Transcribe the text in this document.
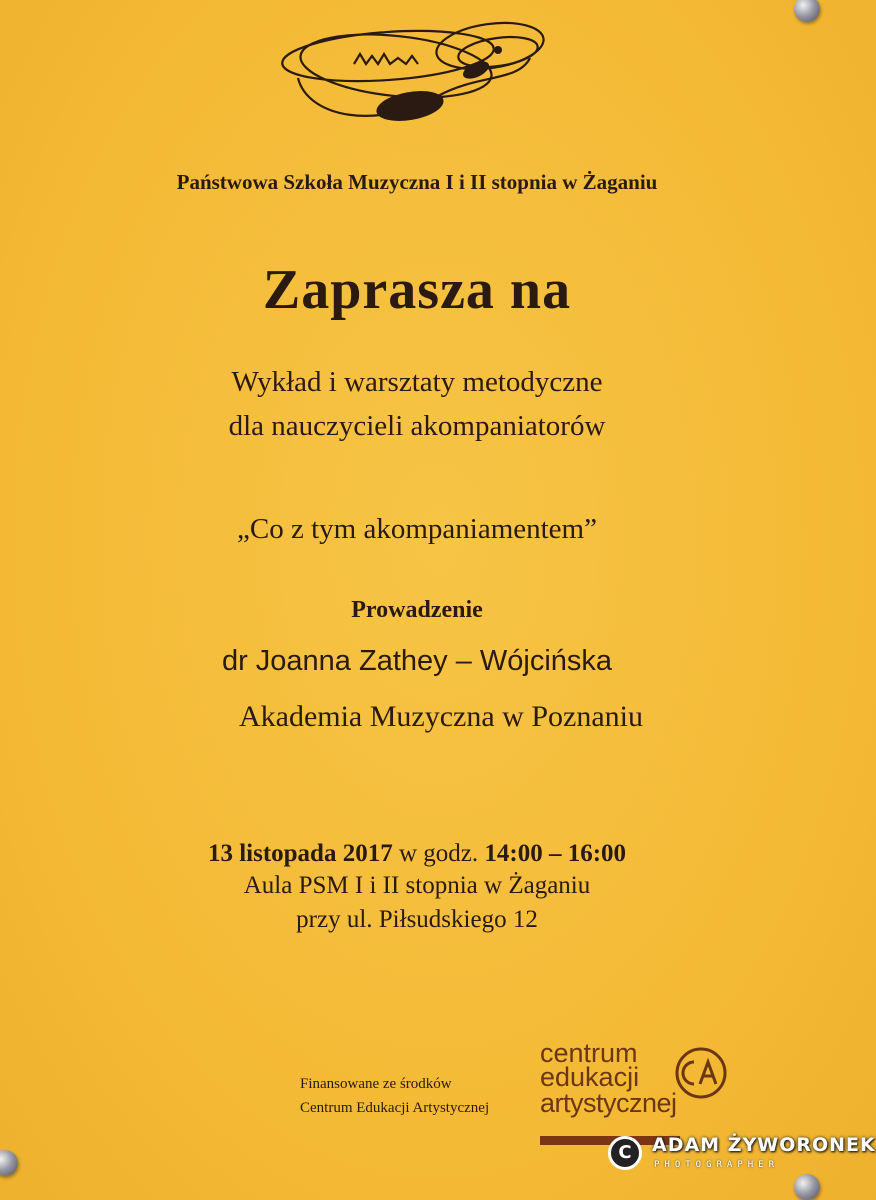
Państwowa Szkoła Muzyczna I i II stopnia w Żaganiu
Zaprasza na
Wykład i warsztaty metodyczne
dla nauczycieli akompaniatorów
„Co z tym akompaniamentem”
Prowadzenie
dr Joanna Zathey – Wójcińska
Akademia Muzyczna w Poznaniu
13 listopada 2017 w godz. 14:00 – 16:00
Aula PSM I i II stopnia w Żaganiu
przy ul. Piłsudskiego 12
Finansowane ze środków
Centrum Edukacji Artystycznej
centrum
edukacji
artystycznej
C	ADAM ŻYWORONEK
PHOTOGRAPHER
